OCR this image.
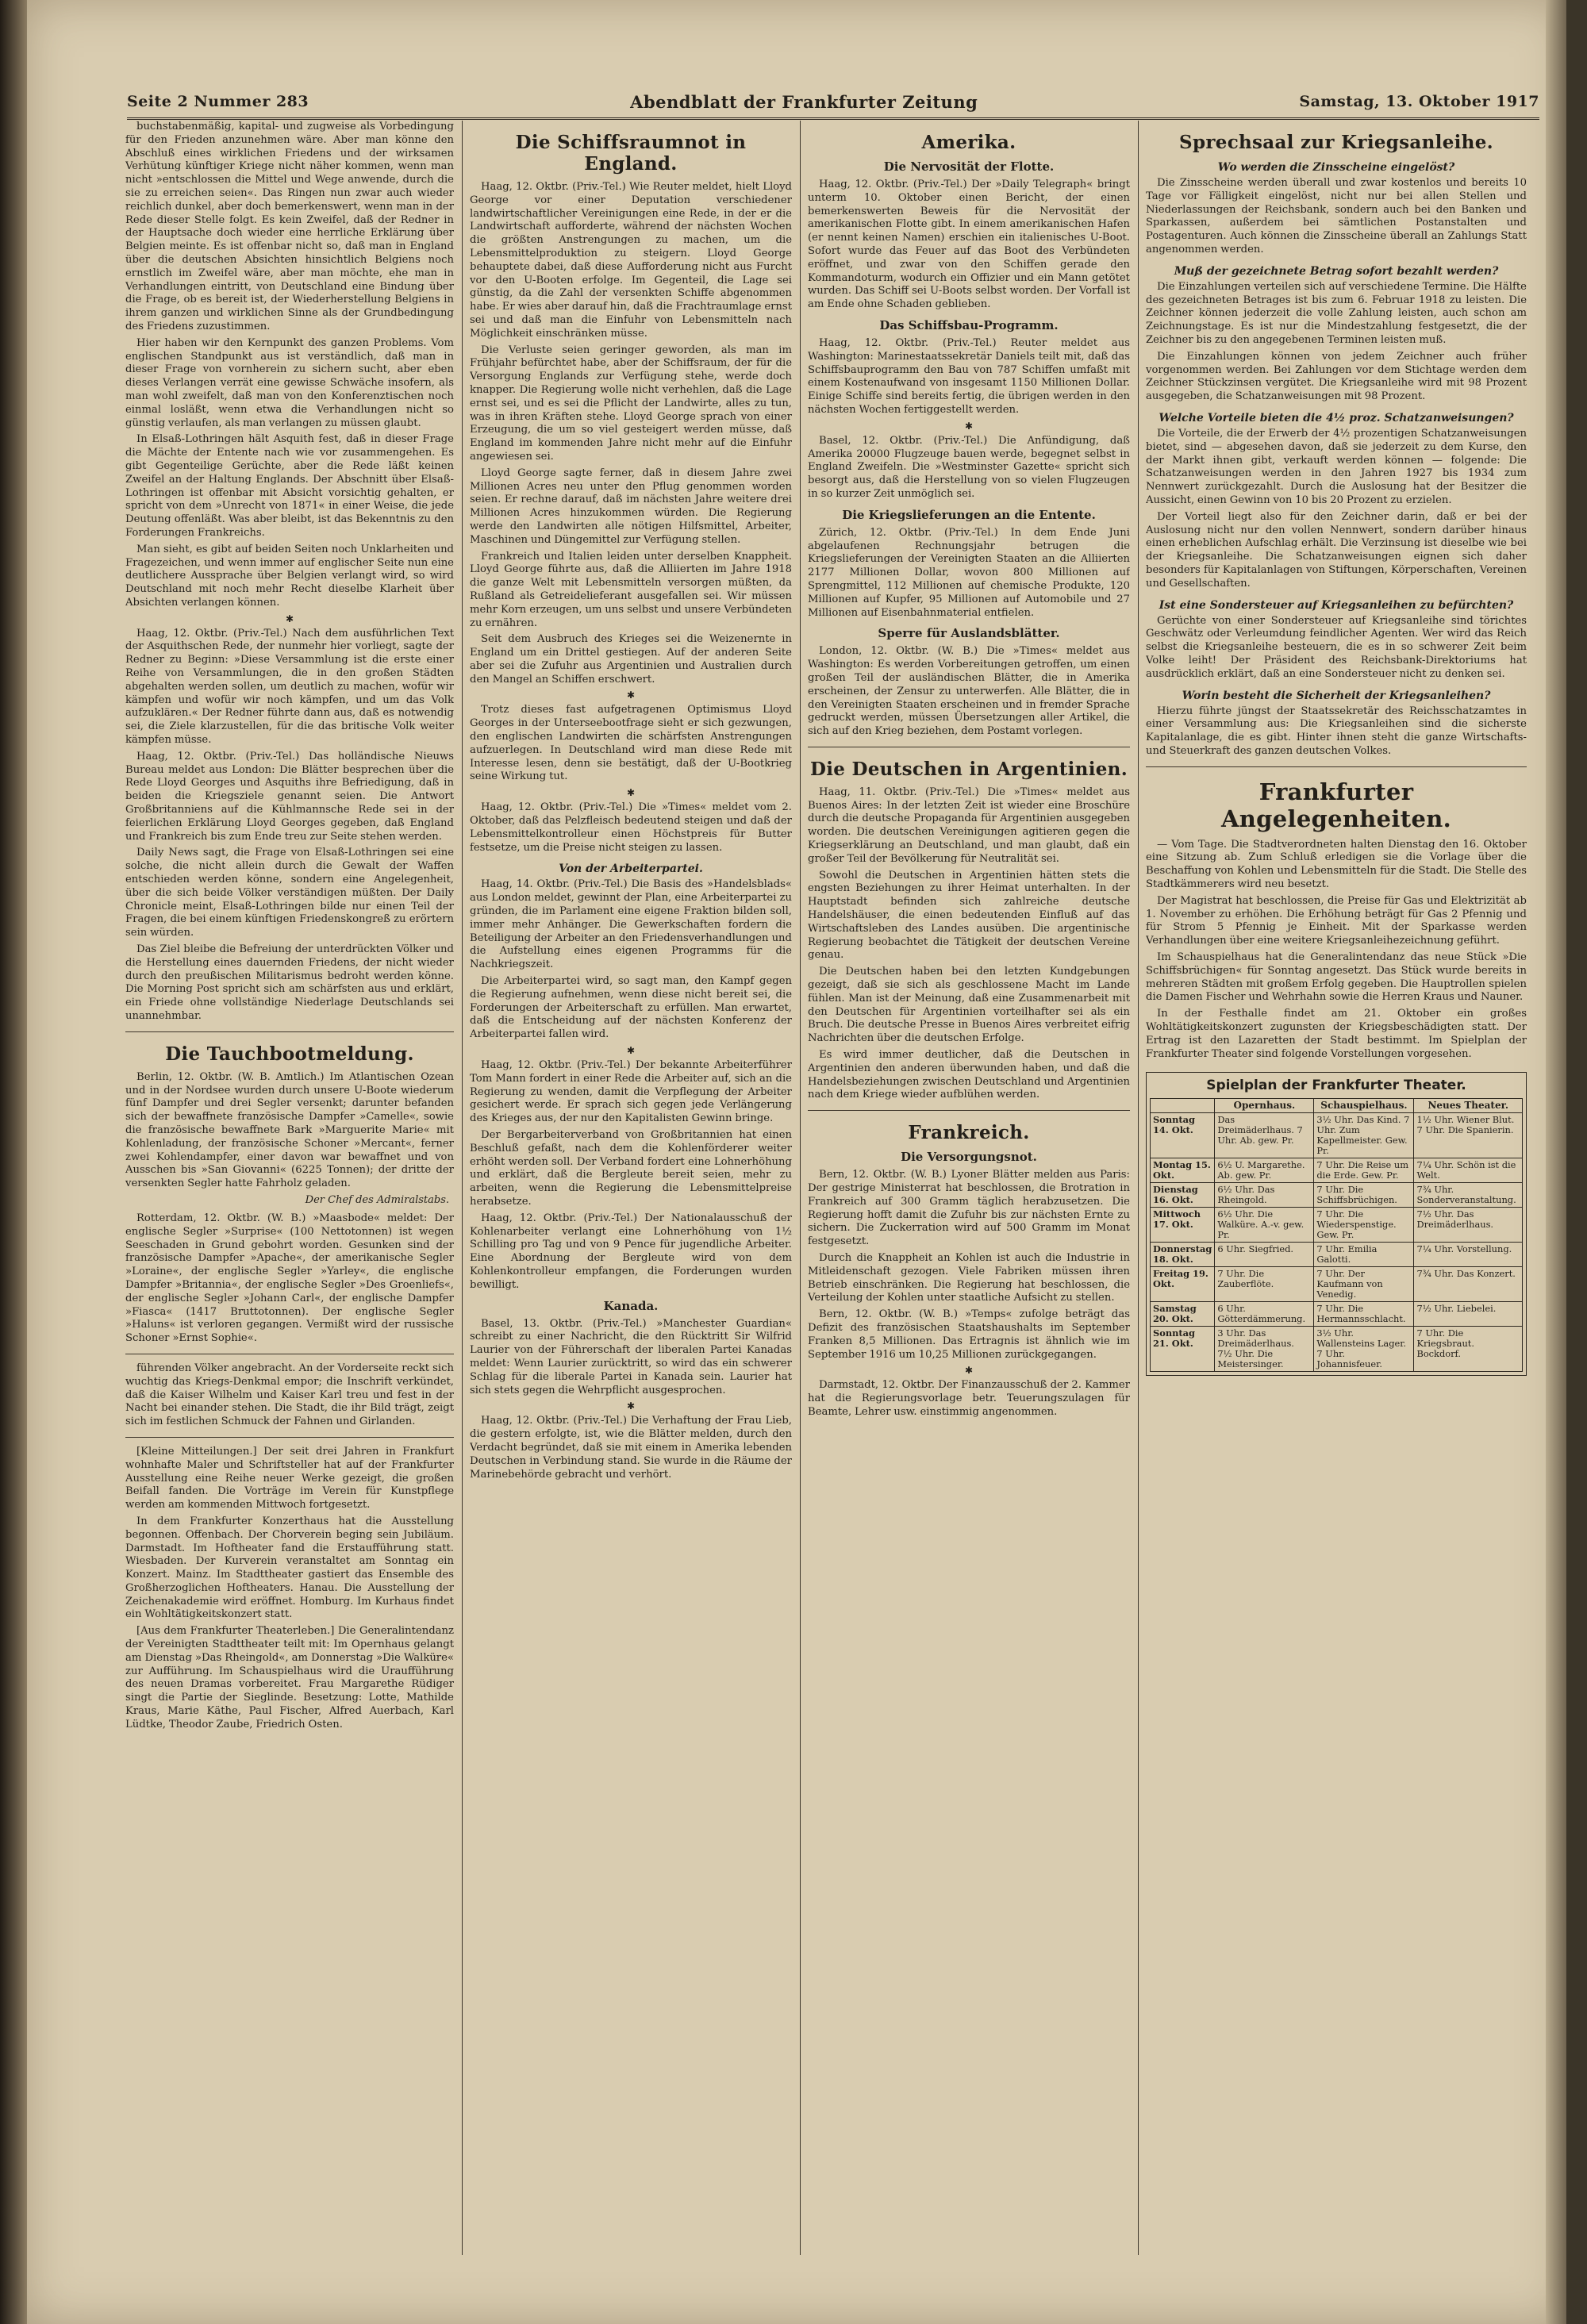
Seite 2 Nummer 283	Abendblatt der Frankfurter Zeitung	Samstag, 13. Oktober 1917

buchstabenmäßig, kapital- und zugweise als Vorbedingung für den Frieden anzunehmen wäre. Aber man könne den Abschluß eines wirklichen Friedens und der wirksamen Verhütung künftiger Kriege nicht näher kommen, wenn man nicht »entschlossen die Mittel und Wege anwende, durch die sie zu erreichen seien«. Das Ringen nun zwar auch wieder reichlich dunkel, aber doch bemerkenswert, wenn man in der Rede dieser Stelle folgt. Es kein Zweifel, daß der Redner in der Hauptsache doch wieder eine herrliche Erklärung über Belgien meinte. Es ist offenbar nicht so, daß man in England über die deutschen Absichten hinsichtlich Belgiens noch ernstlich im Zweifel wäre, aber man möchte, ehe man in Verhandlungen eintritt, von Deutschland eine Bindung über die Frage, ob es bereit ist, der Wiederherstellung Belgiens in ihrem ganzen und wirklichen Sinne als der Grundbedingung des Friedens zuzustimmen.

Hier haben wir den Kernpunkt des ganzen Problems. Vom englischen Standpunkt aus ist verständlich, daß man in dieser Frage von vornherein zu sichern sucht, aber eben dieses Verlangen verrät eine gewisse Schwäche insofern, als man wohl zweifelt, daß man von den Konferenztischen noch einmal losläßt, wenn etwa die Verhandlungen nicht so günstig verlaufen, als man verlangen zu müssen glaubt.

In Elsaß-Lothringen hält Asquith fest, daß in dieser Frage die Mächte der Entente nach wie vor zusammengehen. Es gibt Gegenteilige Gerüchte, aber die Rede läßt keinen Zweifel an der Haltung Englands. Der Abschnitt über Elsaß-Lothringen ist offenbar mit Absicht vorsichtig gehalten, er spricht von dem »Unrecht von 1871« in einer Weise, die jede Deutung offenläßt. Was aber bleibt, ist das Bekenntnis zu den Forderungen Frankreichs.

Man sieht, es gibt auf beiden Seiten noch Unklarheiten und Fragezeichen, und wenn immer auf englischer Seite nun eine deutlichere Aussprache über Belgien verlangt wird, so wird Deutschland mit noch mehr Recht dieselbe Klarheit über Absichten verlangen können.

✱

Haag, 12. Oktbr. (Priv.-Tel.) Nach dem ausführlichen Text der Asquithschen Rede, der nunmehr hier vorliegt, sagte der Redner zu Beginn: »Diese Versammlung ist die erste einer Reihe von Versammlungen, die in den großen Städten abgehalten werden sollen, um deutlich zu machen, wofür wir kämpfen und wofür wir noch kämpfen, und um das Volk aufzuklären.« Der Redner führte dann aus, daß es notwendig sei, die Ziele klarzustellen, für die das britische Volk weiter kämpfen müsse.

Haag, 12. Oktbr. (Priv.-Tel.) Das holländische Nieuws Bureau meldet aus London: Die Blätter besprechen über die Rede Lloyd Georges und Asquiths ihre Befriedigung, daß in beiden die Kriegsziele genannt seien. Die Antwort Großbritanniens auf die Kühlmannsche Rede sei in der feierlichen Erklärung Lloyd Georges gegeben, daß England und Frankreich bis zum Ende treu zur Seite stehen werden.

Daily News sagt, die Frage von Elsaß-Lothringen sei eine solche, die nicht allein durch die Gewalt der Waffen entschieden werden könne, sondern eine Angelegenheit, über die sich beide Völker verständigen müßten. Der Daily Chronicle meint, Elsaß-Lothringen bilde nur einen Teil der Fragen, die bei einem künftigen Friedenskongreß zu erörtern sein würden.

Das Ziel bleibe die Befreiung der unterdrückten Völker und die Herstellung eines dauernden Friedens, der nicht wieder durch den preußischen Militarismus bedroht werden könne. Die Morning Post spricht sich am schärfsten aus und erklärt, ein Friede ohne vollständige Niederlage Deutschlands sei unannehmbar.

Die Tauchbootmeldung.

Berlin, 12. Oktbr. (W. B. Amtlich.) Im Atlantischen Ozean und in der Nordsee wurden durch unsere U-Boote wiederum fünf Dampfer und drei Segler versenkt; darunter befanden sich der bewaffnete französische Dampfer »Camelle«, sowie die französische bewaffnete Bark »Marguerite Marie« mit Kohlenladung, der französische Schoner »Mercant«, ferner zwei Kohlendampfer, einer davon war bewaffnet und von Ausschen bis »San Giovanni« (6225 Tonnen); der dritte der versenkten Segler hatte Fahrholz geladen.

Der Chef des Admiralstabs.

Rotterdam, 12. Oktbr. (W. B.) »Maasbode« meldet: Der englische Segler »Surprise« (100 Nettotonnen) ist wegen Seeschaden in Grund gebohrt worden. Gesunken sind der französische Dampfer »Apache«, der amerikanische Segler »Loraine«, der englische Segler »Yarley«, die englische Dampfer »Britannia«, der englische Segler »Des Groenliefs«, der englische Segler »Johann Carl«, der englische Dampfer »Fiasca« (1417 Bruttotonnen). Der englische Segler »Haluns« ist verloren gegangen. Vermißt wird der russische Schoner »Ernst Sophie«.

führenden Völker angebracht. An der Vorderseite reckt sich wuchtig das Kriegs-Denkmal empor; die Inschrift verkündet, daß die Kaiser Wilhelm und Kaiser Karl treu und fest in der Nacht bei einander stehen. Die Stadt, die ihr Bild trägt, zeigt sich im festlichen Schmuck der Fahnen und Girlanden.

[Kleine Mitteilungen.] Der seit drei Jahren in Frankfurt wohnhafte Maler und Schriftsteller hat auf der Frankfurter Ausstellung eine Reihe neuer Werke gezeigt, die großen Beifall fanden. Die Vorträge im Verein für Kunstpflege werden am kommenden Mittwoch fortgesetzt.

In dem Frankfurter Konzerthaus hat die Ausstellung begonnen. Offenbach. Der Chorverein beging sein Jubiläum. Darmstadt. Im Hoftheater fand die Erstaufführung statt. Wiesbaden. Der Kurverein veranstaltet am Sonntag ein Konzert. Mainz. Im Stadttheater gastiert das Ensemble des Großherzoglichen Hoftheaters. Hanau. Die Ausstellung der Zeichenakademie wird eröffnet. Homburg. Im Kurhaus findet ein Wohltätigkeitskonzert statt.

[Aus dem Frankfurter Theaterleben.] Die Generalintendanz der Vereinigten Stadttheater teilt mit: Im Opernhaus gelangt am Dienstag »Das Rheingold«, am Donnerstag »Die Walküre« zur Aufführung. Im Schauspielhaus wird die Uraufführung des neuen Dramas vorbereitet. Frau Margarethe Rüdiger singt die Partie der Sieglinde. Besetzung: Lotte, Mathilde Kraus, Marie Käthe, Paul Fischer, Alfred Auerbach, Karl Lüdtke, Theodor Zaube, Friedrich Osten.

Die Schiffsraumnot in England.

Haag, 12. Oktbr. (Priv.-Tel.) Wie Reuter meldet, hielt Lloyd George vor einer Deputation verschiedener landwirtschaftlicher Vereinigungen eine Rede, in der er die Landwirtschaft aufforderte, während der nächsten Wochen die größten Anstrengungen zu machen, um die Lebensmittelproduktion zu steigern. Lloyd George behauptete dabei, daß diese Aufforderung nicht aus Furcht vor den U-Booten erfolge. Im Gegenteil, die Lage sei günstig, da die Zahl der versenkten Schiffe abgenommen habe. Er wies aber darauf hin, daß die Frachtraumlage ernst sei und daß man die Einfuhr von Lebensmitteln nach Möglichkeit einschränken müsse.

Die Verluste seien geringer geworden, als man im Frühjahr befürchtet habe, aber der Schiffsraum, der für die Versorgung Englands zur Verfügung stehe, werde doch knapper. Die Regierung wolle nicht verhehlen, daß die Lage ernst sei, und es sei die Pflicht der Landwirte, alles zu tun, was in ihren Kräften stehe. Lloyd George sprach von einer Erzeugung, die um so viel gesteigert werden müsse, daß England im kommenden Jahre nicht mehr auf die Einfuhr angewiesen sei.

Lloyd George sagte ferner, daß in diesem Jahre zwei Millionen Acres neu unter den Pflug genommen worden seien. Er rechne darauf, daß im nächsten Jahre weitere drei Millionen Acres hinzukommen würden. Die Regierung werde den Landwirten alle nötigen Hilfsmittel, Arbeiter, Maschinen und Düngemittel zur Verfügung stellen.

Frankreich und Italien leiden unter derselben Knappheit. Lloyd George führte aus, daß die Alliierten im Jahre 1918 die ganze Welt mit Lebensmitteln versorgen müßten, da Rußland als Getreidelieferant ausgefallen sei. Wir müssen mehr Korn erzeugen, um uns selbst und unsere Verbündeten zu ernähren.

Seit dem Ausbruch des Krieges sei die Weizenernte in England um ein Drittel gestiegen. Auf der anderen Seite aber sei die Zufuhr aus Argentinien und Australien durch den Mangel an Schiffen erschwert.

✱

Trotz dieses fast aufgetragenen Optimismus Lloyd Georges in der Unterseebootfrage sieht er sich gezwungen, den englischen Landwirten die schärfsten Anstrengungen aufzuerlegen. In Deutschland wird man diese Rede mit Interesse lesen, denn sie bestätigt, daß der U-Bootkrieg seine Wirkung tut.

✱

Haag, 12. Oktbr. (Priv.-Tel.) Die »Times« meldet vom 2. Oktober, daß das Pelzfleisch bedeutend steigen und daß der Lebensmittelkontrolleur einen Höchstpreis für Butter festsetze, um die Preise nicht steigen zu lassen.

Von der Arbeiterpartei.

Haag, 14. Oktbr. (Priv.-Tel.) Die Basis des »Handelsblads« aus London meldet, gewinnt der Plan, eine Arbeiterpartei zu gründen, die im Parlament eine eigene Fraktion bilden soll, immer mehr Anhänger. Die Gewerkschaften fordern die Beteiligung der Arbeiter an den Friedensverhandlungen und die Aufstellung eines eigenen Programms für die Nachkriegszeit.

Die Arbeiterpartei wird, so sagt man, den Kampf gegen die Regierung aufnehmen, wenn diese nicht bereit sei, die Forderungen der Arbeiterschaft zu erfüllen. Man erwartet, daß die Entscheidung auf der nächsten Konferenz der Arbeiterpartei fallen wird.

✱

Haag, 12. Oktbr. (Priv.-Tel.) Der bekannte Arbeiterführer Tom Mann fordert in einer Rede die Arbeiter auf, sich an die Regierung zu wenden, damit die Verpflegung der Arbeiter gesichert werde. Er sprach sich gegen jede Verlängerung des Krieges aus, der nur den Kapitalisten Gewinn bringe.

Der Bergarbeiterverband von Großbritannien hat einen Beschluß gefaßt, nach dem die Kohlenförderer weiter erhöht werden soll. Der Verband fordert eine Lohnerhöhung und erklärt, daß die Bergleute bereit seien, mehr zu arbeiten, wenn die Regierung die Lebensmittelpreise herabsetze.

Haag, 12. Oktbr. (Priv.-Tel.) Der Nationalausschuß der Kohlenarbeiter verlangt eine Lohnerhöhung von 1½ Schilling pro Tag und von 9 Pence für jugendliche Arbeiter. Eine Abordnung der Bergleute wird von dem Kohlenkontrolleur empfangen, die Forderungen wurden bewilligt.

Kanada.

Basel, 13. Oktbr. (Priv.-Tel.) »Manchester Guardian« schreibt zu einer Nachricht, die den Rücktritt Sir Wilfrid Laurier von der Führerschaft der liberalen Partei Kanadas meldet: Wenn Laurier zurücktritt, so wird das ein schwerer Schlag für die liberale Partei in Kanada sein. Laurier hat sich stets gegen die Wehrpflicht ausgesprochen.

✱

Haag, 12. Oktbr. (Priv.-Tel.) Die Verhaftung der Frau Lieb, die gestern erfolgte, ist, wie die Blätter melden, durch den Verdacht begründet, daß sie mit einem in Amerika lebenden Deutschen in Verbindung stand. Sie wurde in die Räume der Marinebehörde gebracht und verhört.

Amerika.
Die Nervosität der Flotte.

Haag, 12. Oktbr. (Priv.-Tel.) Der »Daily Telegraph« bringt unterm 10. Oktober einen Bericht, der einen bemerkenswerten Beweis für die Nervosität der amerikanischen Flotte gibt. In einem amerikanischen Hafen (er nennt keinen Namen) erschien ein italienisches U-Boot. Sofort wurde das Feuer auf das Boot des Verbündeten eröffnet, und zwar von den Schiffen gerade den Kommandoturm, wodurch ein Offizier und ein Mann getötet wurden. Das Schiff sei U-Boots selbst worden. Der Vorfall ist am Ende ohne Schaden geblieben.

Das Schiffsbau-Programm.

Haag, 12. Oktbr. (Priv.-Tel.) Reuter meldet aus Washington: Marinestaatssekretär Daniels teilt mit, daß das Schiffsbauprogramm den Bau von 787 Schiffen umfaßt mit einem Kostenaufwand von insgesamt 1150 Millionen Dollar. Einige Schiffe sind bereits fertig, die übrigen werden in den nächsten Wochen fertiggestellt werden.

✱

Basel, 12. Oktbr. (Priv.-Tel.) Die Anfündigung, daß Amerika 20000 Flugzeuge bauen werde, begegnet selbst in England Zweifeln. Die »Westminster Gazette« spricht sich besorgt aus, daß die Herstellung von so vielen Flugzeugen in so kurzer Zeit unmöglich sei.

Die Kriegslieferungen an die Entente.

Zürich, 12. Oktbr. (Priv.-Tel.) In dem Ende Juni abgelaufenen Rechnungsjahr betrugen die Kriegslieferungen der Vereinigten Staaten an die Alliierten 2177 Millionen Dollar, wovon 800 Millionen auf Sprengmittel, 112 Millionen auf chemische Produkte, 120 Millionen auf Kupfer, 95 Millionen auf Automobile und 27 Millionen auf Eisenbahnmaterial entfielen.

Sperre für Auslandsblätter.

London, 12. Oktbr. (W. B.) Die »Times« meldet aus Washington: Es werden Vorbereitungen getroffen, um einen großen Teil der ausländischen Blätter, die in Amerika erscheinen, der Zensur zu unterwerfen. Alle Blätter, die in den Vereinigten Staaten erscheinen und in fremder Sprache gedruckt werden, müssen Übersetzungen aller Artikel, die sich auf den Krieg beziehen, dem Postamt vorlegen.

Die Deutschen in Argentinien.

Haag, 11. Oktbr. (Priv.-Tel.) Die »Times« meldet aus Buenos Aires: In der letzten Zeit ist wieder eine Broschüre durch die deutsche Propaganda für Argentinien ausgegeben worden. Die deutschen Vereinigungen agitieren gegen die Kriegserklärung an Deutschland, und man glaubt, daß ein großer Teil der Bevölkerung für Neutralität sei.

Sowohl die Deutschen in Argentinien hätten stets die engsten Beziehungen zu ihrer Heimat unterhalten. In der Hauptstadt befinden sich zahlreiche deutsche Handelshäuser, die einen bedeutenden Einfluß auf das Wirtschaftsleben des Landes ausüben. Die argentinische Regierung beobachtet die Tätigkeit der deutschen Vereine genau.

Die Deutschen haben bei den letzten Kundgebungen gezeigt, daß sie sich als geschlossene Macht im Lande fühlen. Man ist der Meinung, daß eine Zusammenarbeit mit den Deutschen für Argentinien vorteilhafter sei als ein Bruch. Die deutsche Presse in Buenos Aires verbreitet eifrig Nachrichten über die deutschen Erfolge.

Es wird immer deutlicher, daß die Deutschen in Argentinien den anderen überwunden haben, und daß die Handelsbeziehungen zwischen Deutschland und Argentinien nach dem Kriege wieder aufblühen werden.

Frankreich.
Die Versorgungsnot.

Bern, 12. Oktbr. (W. B.) Lyoner Blätter melden aus Paris: Der gestrige Ministerrat hat beschlossen, die Brotration in Frankreich auf 300 Gramm täglich herabzusetzen. Die Regierung hofft damit die Zufuhr bis zur nächsten Ernte zu sichern. Die Zuckerration wird auf 500 Gramm im Monat festgesetzt.

Durch die Knappheit an Kohlen ist auch die Industrie in Mitleidenschaft gezogen. Viele Fabriken müssen ihren Betrieb einschränken. Die Regierung hat beschlossen, die Verteilung der Kohlen unter staatliche Aufsicht zu stellen.

Bern, 12. Oktbr. (W. B.) »Temps« zufolge beträgt das Defizit des französischen Staatshaushalts im September Franken 8,5 Millionen. Das Ertragnis ist ähnlich wie im September 1916 um 10,25 Millionen zurückgegangen.

✱

Darmstadt, 12. Oktbr. Der Finanzausschuß der 2. Kammer hat die Regierungsvorlage betr. Teuerungszulagen für Beamte, Lehrer usw. einstimmig angenommen.

Sprechsaal zur Kriegsanleihe.
Wo werden die Zinsscheine eingelöst?

Die Zinsscheine werden überall und zwar kostenlos und bereits 10 Tage vor Fälligkeit eingelöst, nicht nur bei allen Stellen und Niederlassungen der Reichsbank, sondern auch bei den Banken und Sparkassen, außerdem bei sämtlichen Postanstalten und Postagenturen. Auch können die Zinsscheine überall an Zahlungs Statt angenommen werden.

Muß der gezeichnete Betrag sofort bezahlt werden?

Die Einzahlungen verteilen sich auf verschiedene Termine. Die Hälfte des gezeichneten Betrages ist bis zum 6. Februar 1918 zu leisten. Die Zeichner können jederzeit die volle Zahlung leisten, auch schon am Zeichnungstage. Es ist nur die Mindestzahlung festgesetzt, die der Zeichner bis zu den angegebenen Terminen leisten muß.

Die Einzahlungen können von jedem Zeichner auch früher vorgenommen werden. Bei Zahlungen vor dem Stichtage werden dem Zeichner Stückzinsen vergütet. Die Kriegsanleihe wird mit 98 Prozent ausgegeben, die Schatzanweisungen mit 98 Prozent.

Welche Vorteile bieten die 4½ proz. Schatzanweisungen?

Die Vorteile, die der Erwerb der 4½ prozentigen Schatzanweisungen bietet, sind — abgesehen davon, daß sie jederzeit zu dem Kurse, den der Markt ihnen gibt, verkauft werden können — folgende: Die Schatzanweisungen werden in den Jahren 1927 bis 1934 zum Nennwert zurückgezahlt. Durch die Auslosung hat der Besitzer die Aussicht, einen Gewinn von 10 bis 20 Prozent zu erzielen.

Der Vorteil liegt also für den Zeichner darin, daß er bei der Auslosung nicht nur den vollen Nennwert, sondern darüber hinaus einen erheblichen Aufschlag erhält. Die Verzinsung ist dieselbe wie bei der Kriegsanleihe. Die Schatzanweisungen eignen sich daher besonders für Kapitalanlagen von Stiftungen, Körperschaften, Vereinen und Gesellschaften.

Ist eine Sondersteuer auf Kriegsanleihen zu befürchten?

Gerüchte von einer Sondersteuer auf Kriegsanleihe sind törichtes Geschwätz oder Verleumdung feindlicher Agenten. Wer wird das Reich selbst die Kriegsanleihe besteuern, die es in so schwerer Zeit beim Volke leiht! Der Präsident des Reichsbank-Direktoriums hat ausdrücklich erklärt, daß an eine Sondersteuer nicht zu denken sei.

Worin besteht die Sicherheit der Kriegsanleihen?

Hierzu führte jüngst der Staatssekretär des Reichsschatzamtes in einer Versammlung aus: Die Kriegsanleihen sind die sicherste Kapitalanlage, die es gibt. Hinter ihnen steht die ganze Wirtschafts- und Steuerkraft des ganzen deutschen Volkes.

Frankfurter Angelegenheiten.

— Vom Tage. Die Stadtverordneten halten Dienstag den 16. Oktober eine Sitzung ab. Zum Schluß erledigen sie die Vorlage über die Beschaffung von Kohlen und Lebensmitteln für die Stadt. Die Stelle des Stadtkämmerers wird neu besetzt.

Der Magistrat hat beschlossen, die Preise für Gas und Elektrizität ab 1. November zu erhöhen. Die Erhöhung beträgt für Gas 2 Pfennig und für Strom 5 Pfennig je Einheit. Mit der Sparkasse werden Verhandlungen über eine weitere Kriegsanleihezeichnung geführt.

Im Schauspielhaus hat die Generalintendanz das neue Stück »Die Schiffsbrüchigen« für Sonntag angesetzt. Das Stück wurde bereits in mehreren Städten mit großem Erfolg gegeben. Die Hauptrollen spielen die Damen Fischer und Wehrhahn sowie die Herren Kraus und Nauner.

In der Festhalle findet am 21. Oktober ein großes Wohltätigkeitskonzert zugunsten der Kriegsbeschädigten statt. Der Ertrag ist den Lazaretten der Stadt bestimmt. Im Spielplan der Frankfurter Theater sind folgende Vorstellungen vorgesehen.

Spielplan der Frankfurter Theater.
	Opernhaus.	Schauspielhaus.	Neues Theater.
Sonntag 14. Okt.	Das Dreimäderlhaus. 7 Uhr. Ab. gew. Pr.	3½ Uhr. Das Kind. 7 Uhr. Zum Kapellmeister. Gew. Pr.	1½ Uhr. Wiener Blut. 7 Uhr. Die Spanierin.
Montag 15. Okt.	6½ U. Margarethe. Ab. gew. Pr.	7 Uhr. Die Reise um die Erde. Gew. Pr.	7¼ Uhr. Schön ist die Welt.
Dienstag 16. Okt.	6½ Uhr. Das Rheingold.	7 Uhr. Die Schiffsbrüchigen.	7¾ Uhr. Sonderveranstaltung.
Mittwoch 17. Okt.	6½ Uhr. Die Walküre. A.-v. gew. Pr.	7 Uhr. Die Wiederspenstige. Gew. Pr.	7½ Uhr. Das Dreimäderlhaus.
Donnerstag 18. Okt.	6 Uhr. Siegfried.	7 Uhr. Emilia Galotti.	7¼ Uhr. Vorstellung.
Freitag 19. Okt.	7 Uhr. Die Zauberflöte.	7 Uhr. Der Kaufmann von Venedig.	7¾ Uhr. Das Konzert.
Samstag 20. Okt.	6 Uhr. Götterdämmerung.	7 Uhr. Die Hermannsschlacht.	7½ Uhr. Liebelei.
Sonntag 21. Okt.	3 Uhr. Das Dreimäderlhaus. 7½ Uhr. Die Meistersinger.	3½ Uhr. Wallensteins Lager. 7 Uhr. Johannisfeuer.	7 Uhr. Die Kriegsbraut. Bockdorf.
